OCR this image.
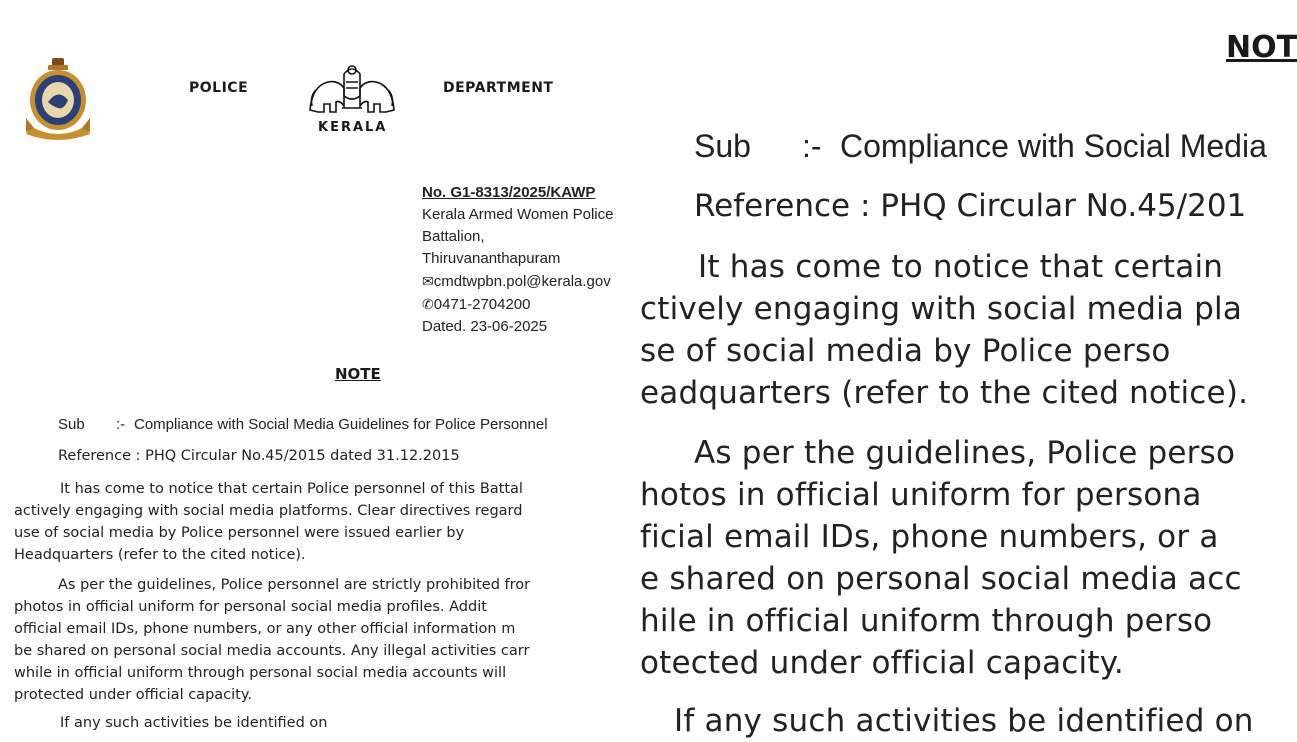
POLICE
KERALA
DEPARTMENT
No. G1-8313/2025/KAWP
Kerala Armed Women Police
Battalion,
Thiruvananthapuram
✉cmdtwpbn.pol@kerala.gov
✆0471-2704200
Dated. 23-06-2025
NOTE
Sub :- Compliance with Social Media Guidelines for Police Personnel
Reference : PHQ Circular No.45/2015 dated 31.12.2015
It has come to notice that certain Police personnel of this Battal
actively engaging with social media platforms. Clear directives regard
use of social media by Police personnel were issued earlier by
Headquarters (refer to the cited notice).
As per the guidelines, Police personnel are strictly prohibited fror
photos in official uniform for personal social media profiles. Addit
official email IDs, phone numbers, or any other official information m
be shared on personal social media accounts. Any illegal activities carr
while in official uniform through personal social media accounts will
protected under official capacity.
If any such activities be identified on
NOT
Sub :- Compliance with Social Media
Reference : PHQ Circular No.45/201
It has come to notice that certain
ctively engaging with social media pla
se of social media by Police perso
eadquarters (refer to the cited notice).
As per the guidelines, Police perso
hotos in official uniform for persona
ficial email IDs, phone numbers, or a
e shared on personal social media acc
hile in official uniform through perso
otected under official capacity.
If any such activities be identified on
